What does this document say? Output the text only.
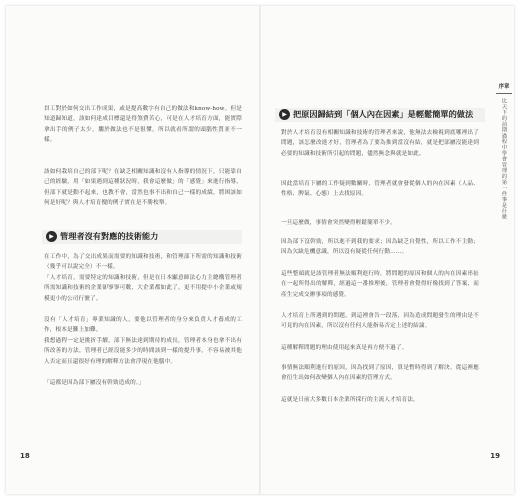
員工對於如何交出工作成果，或是提高數字有自己的做法和know-how。但是知道歸知道，該如何達成目標還是得煞費苦心，可是在人才培育方面，能實際拿出手的例子太少，擱於做法也不是很懂，所以就看所謂的頭腦性質並不一樣。

該如何栽培自己的部下呢？在缺乏相關知識和沒有人指導的情況下，只能靠自己的經驗，用「如果遇到這種狀況時，我會這麼做」的「感覺」來進行指導，但部下就是動不起來，也教不會，當然也事不出和自己一樣的成績，將困該如何是好呢？與人才培育攪的例子實在是不勝枚舉。

▶ 管理者沒有對應的技術能力

在工作中，為了交出成果而需要的知識和技術，和管理部下所需的知識和技術（幾乎可以說完全）不一樣。

「人才培育，需要特定的知識和技術，但是在日本顯意師法心力主總構管理者所需知識和技術的企業卻寥寥可數，大企業都如此了，更不用提中小企業或規模更小的公司行號了。

沒有「人才培育」專業知識的人，要他以管理者的身分來負責人才養成的工作，根本是難上加難。

我想過程一定是挑折手續，部下無法達到期待的成長，管理者本身也拿不出有所改善的方法，管理者已經沒能多少的時間該到一樣的提升事，不容易被其他人否定而且還很好有理的解釋方法會浮現在他腦中。

「這都是因為部下屬沒有幹勁造成的。」

18
▶ 把原因歸結到「個人內在因素」是輕鬆簡單的做法

對於人才培育沒有相關知識和技術的管理者來說，他無法去檢視到底哪裡出了問題，該怎麼改進才好，管理者為了要為推到當沒有結，就是把部屬沒能達到必要的知識和技術所引起的問題，儘然無念與就是如此。

因此當培育下屬的工作疑到數關時，管理者就會發從個人的內在因素（人品、性格、脾氣、心態）上去找原因。

一旦這麼做，事情會突然變得輕鬆簡單不少。

因為部下沒幹勁，所以進不到我的要求；因為缺乏自覺性，所以工作不主動；因為欠缺危機意識，所以沒有疑從任何行動……。

這些整頭就是該管理者無法順利進行時，將問題的原因和個人的內在因素串扯在一起所得出的解釋，經過這一番推理後，管理者會覺得好像找到了答案，而產生完成交辦事項的感覺。

人才培育上所遇到的問題，到這裡會告一段落，因為造成問題發生的理由是不可見的內在因素，所以沒有任何人能指易否定上述的結論。

這種解釋問題的理由使用起來真是再方便不過了。

事情無法順利進行的原因，因為找到了原因，算是暫時得到了解決。從這裡應會衍生出如何改變個人內在因素的管理方式。

這就是日前大多數日本企業所採行的主流人才培育法。

序章
比天下的前期過程中學會管理的第一件事是什麼
19
